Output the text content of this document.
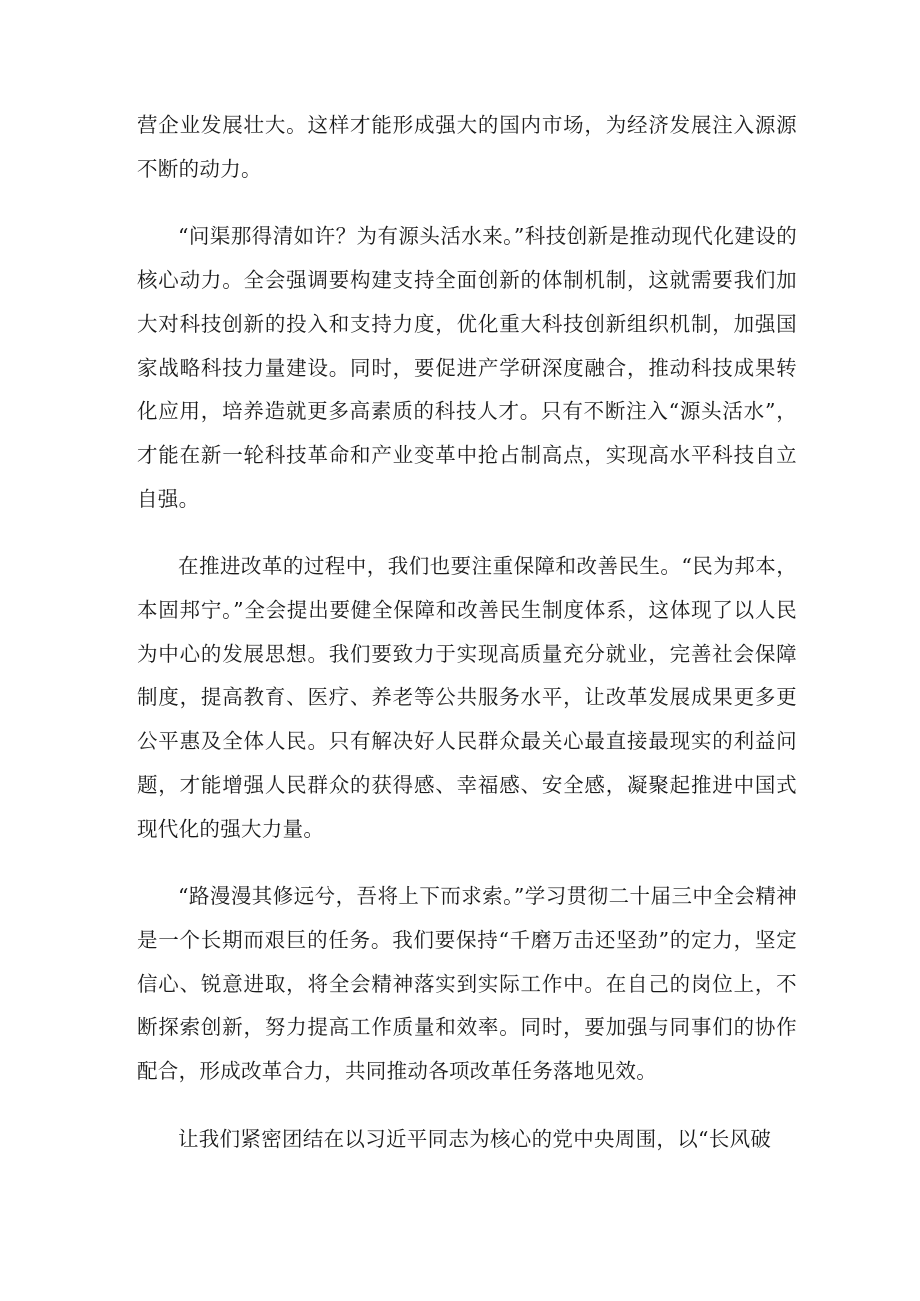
营企业发展壮大。这样才能形成强大的国内市场，为经济发展注入源源不断的动力。

“问渠那得清如许？为有源头活水来。”科技创新是推动现代化建设的核心动力。全会强调要构建支持全面创新的体制机制，这就需要我们加大对科技创新的投入和支持力度，优化重大科技创新组织机制，加强国家战略科技力量建设。同时，要促进产学研深度融合，推动科技成果转化应用，培养造就更多高素质的科技人才。只有不断注入“源头活水”，才能在新一轮科技革命和产业变革中抢占制高点，实现高水平科技自立自强。

在推进改革的过程中，我们也要注重保障和改善民生。“民为邦本，本固邦宁。”全会提出要健全保障和改善民生制度体系，这体现了以人民为中心的发展思想。我们要致力于实现高质量充分就业，完善社会保障制度，提高教育、医疗、养老等公共服务水平，让改革发展成果更多更公平惠及全体人民。只有解决好人民群众最关心最直接最现实的利益问题，才能增强人民群众的获得感、幸福感、安全感，凝聚起推进中国式现代化的强大力量。

“路漫漫其修远兮，吾将上下而求索。”学习贯彻二十届三中全会精神是一个长期而艰巨的任务。我们要保持“千磨万击还坚劲”的定力，坚定信心、锐意进取，将全会精神落实到实际工作中。在自己的岗位上，不断探索创新，努力提高工作质量和效率。同时，要加强与同事们的协作配合，形成改革合力，共同推动各项改革任务落地见效。

让我们紧密团结在以习近平同志为核心的党中央周围，以“长风破
